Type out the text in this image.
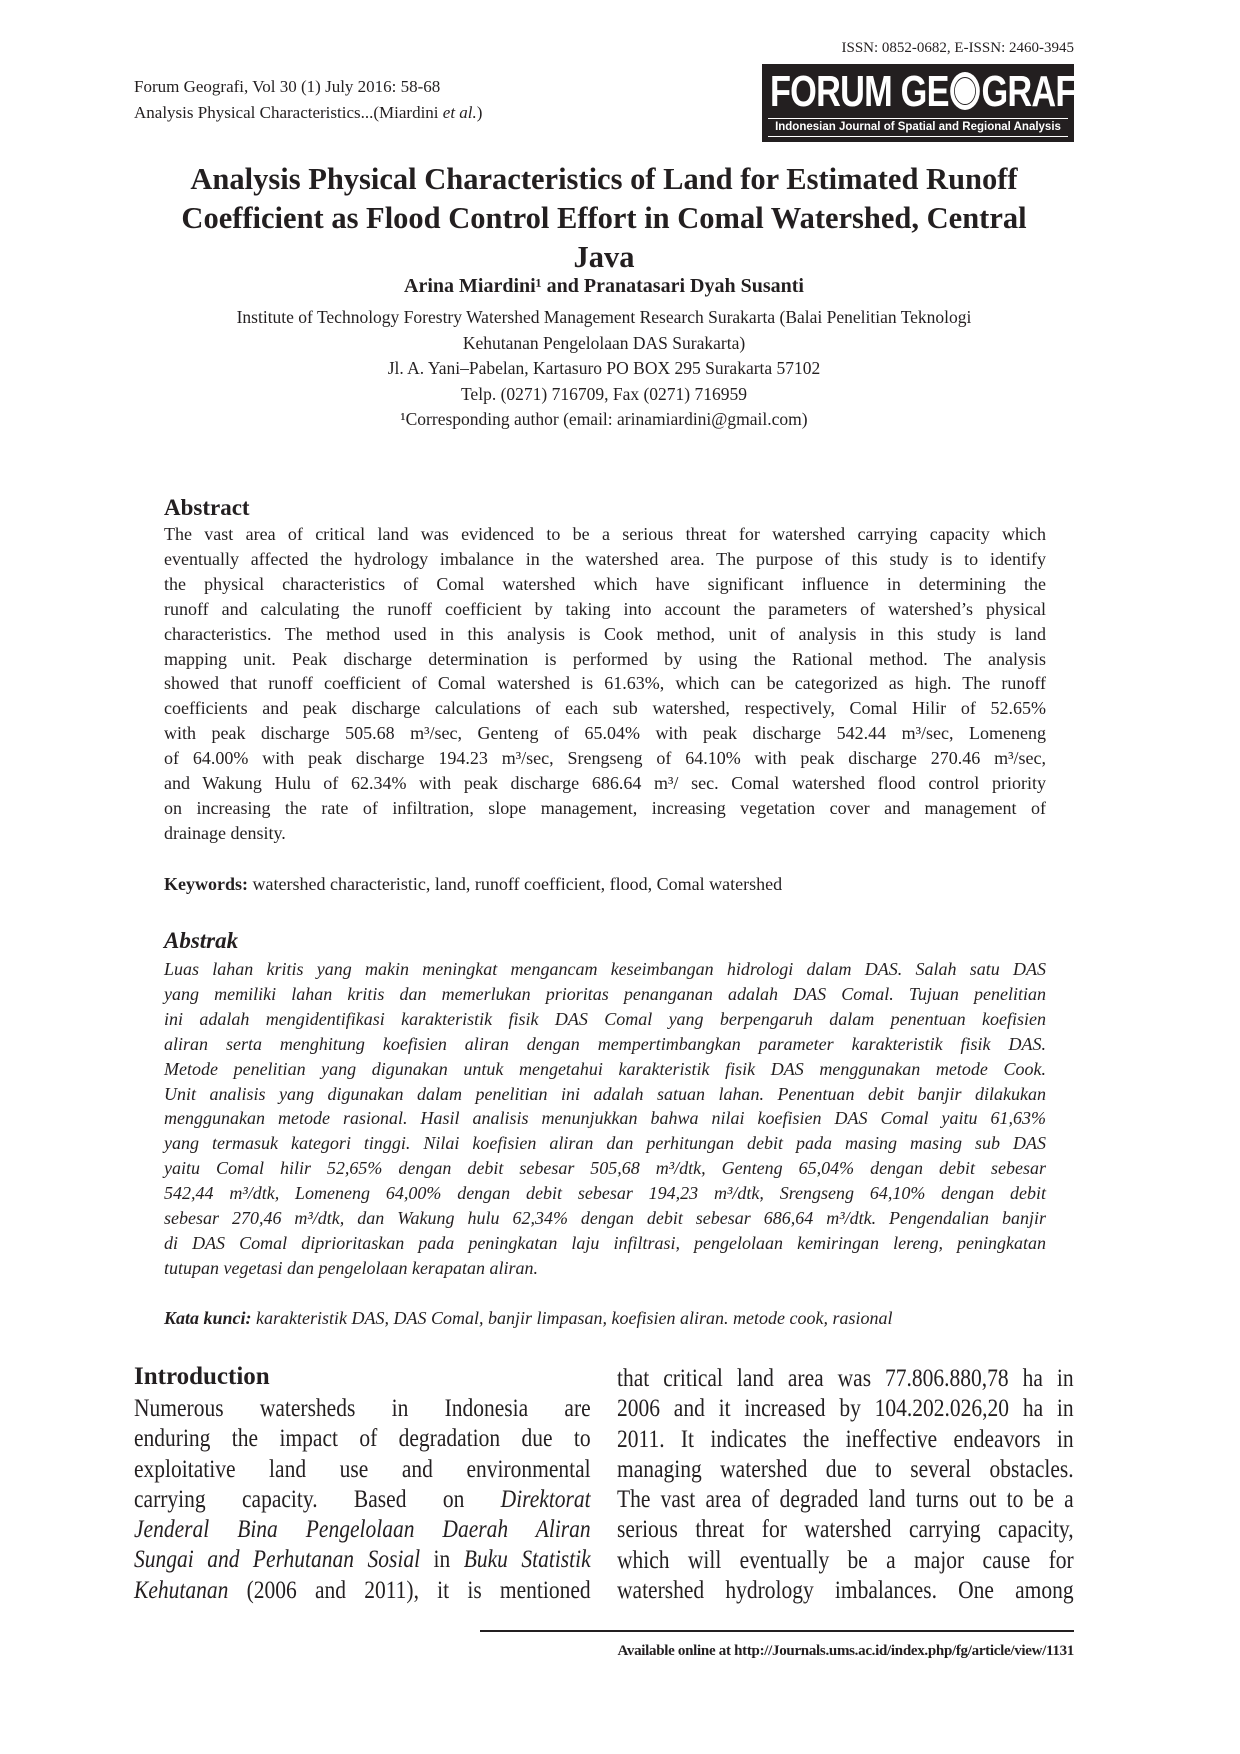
Forum Geografi, Vol 30 (1) July 2016: 58-68
Analysis Physical Characteristics...(Miardini et al.)
ISSN: 0852-0682, E-ISSN: 2460-3945
FORUM GE GRAFI
Indonesian Journal of Spatial and Regional Analysis
Analysis Physical Characteristics of Land for Estimated Runoff
Coefficient as Flood Control Effort in Comal Watershed, Central
Java
Arina Miardini¹ and Pranatasari Dyah Susanti
Institute of Technology Forestry Watershed Management Research Surakarta (Balai Penelitian Teknologi
Kehutanan Pengelolaan DAS Surakarta)
Jl. A. Yani–Pabelan, Kartasuro PO BOX 295 Surakarta 57102
Telp. (0271) 716709, Fax (0271) 716959
¹Corresponding author (email: arinamiardini@gmail.com)
Abstract
The vast area of critical land was evidenced to be a serious threat for watershed carrying capacity which
eventually affected the hydrology imbalance in the watershed area. The purpose of this study is to identify
the physical characteristics of Comal watershed which have significant influence in determining the
runoff and calculating the runoff coefficient by taking into account the parameters of watershed’s physical
characteristics. The method used in this analysis is Cook method, unit of analysis in this study is land
mapping unit. Peak discharge determination is performed by using the Rational method. The analysis
showed that runoff coefficient of Comal watershed is 61.63%, which can be categorized as high. The runoff
coefficients and peak discharge calculations of each sub watershed, respectively, Comal Hilir of 52.65%
with peak discharge 505.68 m³/sec, Genteng of 65.04% with peak discharge 542.44 m³/sec, Lomeneng
of 64.00% with peak discharge 194.23 m³/sec, Srengseng of 64.10% with peak discharge 270.46 m³/sec,
and Wakung Hulu of 62.34% with peak discharge 686.64 m³/ sec. Comal watershed flood control priority
on increasing the rate of infiltration, slope management, increasing vegetation cover and management of
drainage density.
Keywords: watershed characteristic, land, runoff coefficient, flood, Comal watershed
Abstrak
Luas lahan kritis yang makin meningkat mengancam keseimbangan hidrologi dalam DAS. Salah satu DAS
yang memiliki lahan kritis dan memerlukan prioritas penanganan adalah DAS Comal. Tujuan penelitian
ini adalah mengidentifikasi karakteristik fisik DAS Comal yang berpengaruh dalam penentuan koefisien
aliran serta menghitung koefisien aliran dengan mempertimbangkan parameter karakteristik fisik DAS.
Metode penelitian yang digunakan untuk mengetahui karakteristik fisik DAS menggunakan metode Cook.
Unit analisis yang digunakan dalam penelitian ini adalah satuan lahan. Penentuan debit banjir dilakukan
menggunakan metode rasional. Hasil analisis menunjukkan bahwa nilai koefisien DAS Comal yaitu 61,63%
yang termasuk kategori tinggi. Nilai koefisien aliran dan perhitungan debit pada masing masing sub DAS
yaitu Comal hilir 52,65% dengan debit sebesar 505,68 m³/dtk, Genteng 65,04% dengan debit sebesar
542,44 m³/dtk, Lomeneng 64,00% dengan debit sebesar 194,23 m³/dtk, Srengseng 64,10% dengan debit
sebesar 270,46 m³/dtk, dan Wakung hulu 62,34% dengan debit sebesar 686,64 m³/dtk. Pengendalian banjir
di DAS Comal diprioritaskan pada peningkatan laju infiltrasi, pengelolaan kemiringan lereng, peningkatan
tutupan vegetasi dan pengelolaan kerapatan aliran.
Kata kunci: karakteristik DAS, DAS Comal, banjir limpasan, koefisien aliran. metode cook, rasional
Introduction
Numerous watersheds in Indonesia are
enduring the impact of degradation due to
exploitative land use and environmental
carrying capacity. Based on Direktorat
Jenderal Bina Pengelolaan Daerah Aliran
Sungai and Perhutanan Sosial in Buku Statistik
Kehutanan (2006 and 2011), it is mentioned
that critical land area was 77.806.880,78 ha in
2006 and it increased by 104.202.026,20 ha in
2011. It indicates the ineffective endeavors in
managing watershed due to several obstacles.
The vast area of degraded land turns out to be a
serious threat for watershed carrying capacity,
which will eventually be a major cause for
watershed hydrology imbalances. One among
Available online at http://Journals.ums.ac.id/index.php/fg/article/view/1131
